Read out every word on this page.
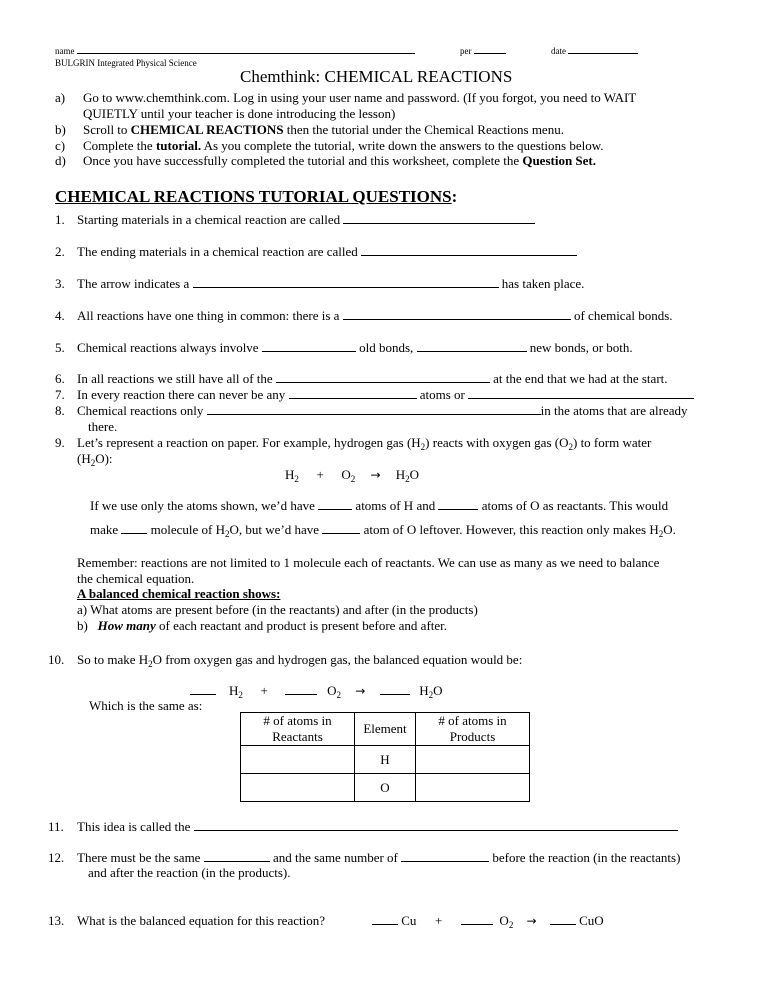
name	per	date
BULGRIN Integrated Physical Science
Chemthink: CHEMICAL REACTIONS
a) Go to www.chemthink.com. Log in using your user name and password. (If you forgot, you need to WAIT
QUIETLY until your teacher is done introducing the lesson)
b) Scroll to CHEMICAL REACTIONS then the tutorial under the Chemical Reactions menu.
c) Complete the tutorial. As you complete the tutorial, write down the answers to the questions below.
d) Once you have successfully completed the tutorial and this worksheet, complete the Question Set.
CHEMICAL REACTIONS TUTORIAL QUESTIONS:
1. Starting materials in a chemical reaction are called
2. The ending materials in a chemical reaction are called
3. The arrow indicates a	has taken place.
4. All reactions have one thing in common: there is a	of chemical bonds.
5. Chemical reactions always involve	old bonds,	new bonds, or both.
6. In all reactions we still have all of the	at the end that we had at the start.
7. In every reaction there can never be any	atoms or
8. Chemical reactions only	in the atoms that are already
there.
9. Let’s represent a reaction on paper. For example, hydrogen gas $(H_2)$ reacts with oxygen gas $(O_2)$ to form water
$(H_2O)$:
$H_2 + O_2 \to H_2O$
If we use only the atoms shown, we’d have	atoms of H and	atoms of O as reactants. This would
make	molecule of $H_2O$, but we’d have	atom of O leftover. However, this reaction only makes $H_2O$.
Remember: reactions are not limited to 1 molecule each of reactants. We can use as many as we need to balance
the chemical equation.
A balanced chemical reaction shows:
a) What atoms are present before (in the reactants) and after (in the products)
b) How many of each reactant and product is present before and after.
10. So to make $H_2O$ from oxygen gas and hydrogen gas, the balanced equation would be:
$H_2$ +	$O_2$ →	$H_2O$
Which is the same as:
# of atoms in Reactants	Element	# of atoms in Products
	H	
	O	
11. This idea is called the
12. There must be the same	and the same number of	before the reaction (in the reactants)
and after the reaction (in the products).
13. What is the balanced equation for this reaction?	Cu +	$O_2$ →	CuO
